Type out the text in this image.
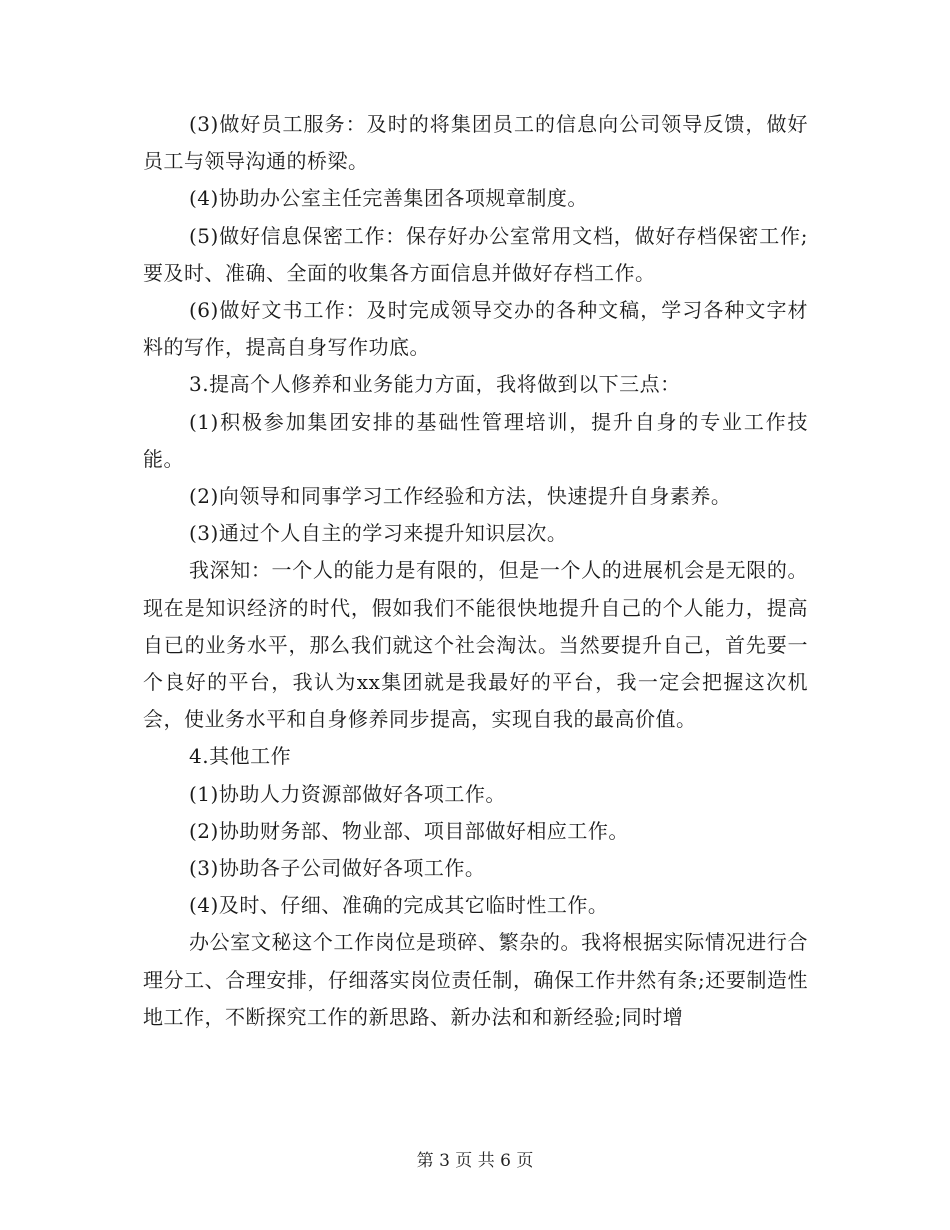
(3)做好员工服务：及时的将集团员工的信息向公司领导反馈，做好员工与领导沟通的桥梁。

(4)协助办公室主任完善集团各项规章制度。

(5)做好信息保密工作：保存好办公室常用文档，做好存档保密工作;要及时、准确、全面的收集各方面信息并做好存档工作。

(6)做好文书工作：及时完成领导交办的各种文稿，学习各种文字材料的写作，提高自身写作功底。

3.提高个人修养和业务能力方面，我将做到以下三点：

(1)积极参加集团安排的基础性管理培训，提升自身的专业工作技能。

(2)向领导和同事学习工作经验和方法，快速提升自身素养。

(3)通过个人自主的学习来提升知识层次。

我深知：一个人的能力是有限的，但是一个人的进展机会是无限的。现在是知识经济的时代，假如我们不能很快地提升自己的个人能力，提高自已的业务水平，那么我们就这个社会淘汰。当然要提升自己，首先要一个良好的平台，我认为xx集团就是我最好的平台，我一定会把握这次机会，使业务水平和自身修养同步提高，实现自我的最高价值。

4.其他工作

(1)协助人力资源部做好各项工作。

(2)协助财务部、物业部、项目部做好相应工作。

(3)协助各子公司做好各项工作。

(4)及时、仔细、准确的完成其它临时性工作。

办公室文秘这个工作岗位是琐碎、繁杂的。我将根据实际情况进行合理分工、合理安排，仔细落实岗位责任制，确保工作井然有条;还要制造性地工作，不断探究工作的新思路、新办法和和新经验;同时增

第 3 页 共 6 页
